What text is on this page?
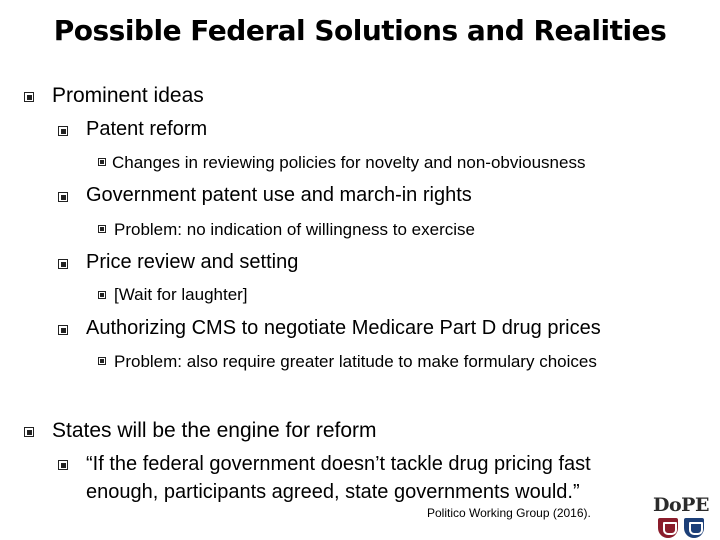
Possible Federal Solutions and Realities
Prominent ideas
Patent reform
Changes in reviewing policies for novelty and non-obviousness
Government patent use and march-in rights
Problem: no indication of willingness to exercise
Price review and setting
[Wait for laughter]
Authorizing CMS to negotiate Medicare Part D drug prices
Problem: also require greater latitude to make formulary choices
States will be the engine for reform
“If the federal government doesn’t tackle drug pricing fast
enough, participants agreed, state governments would.”
Politico Working Group (2016).	DoPE
